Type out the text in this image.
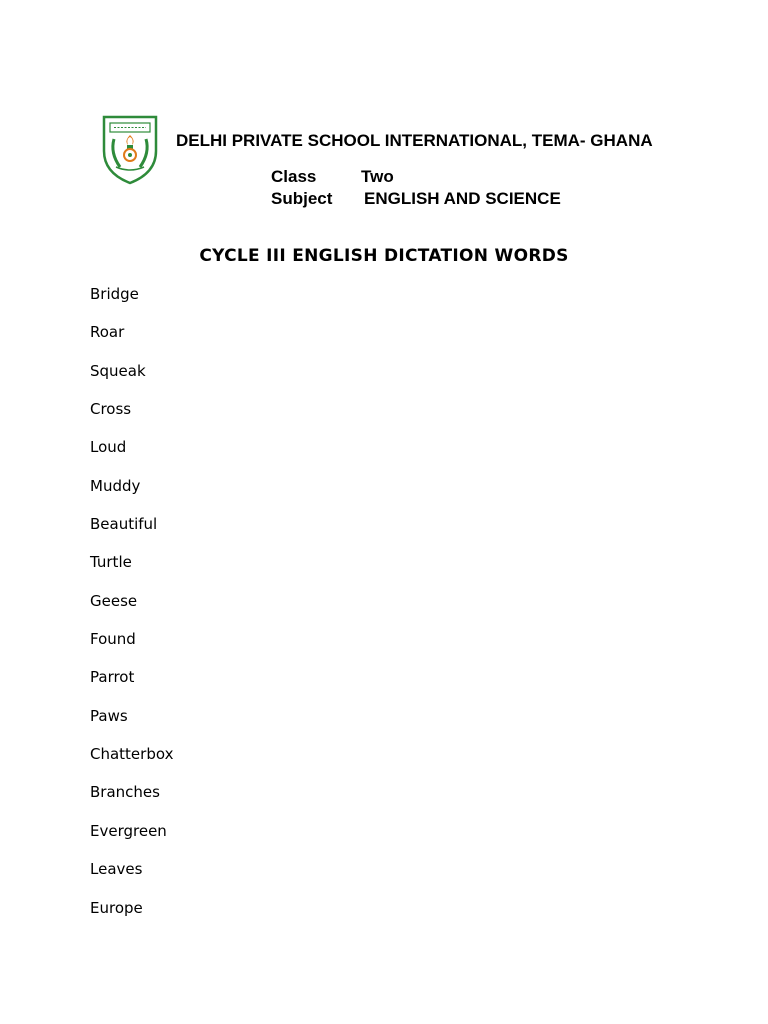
DELHI PRIVATE SCHOOL INTERNATIONAL, TEMA- GHANA
Class	Two
Subject ENGLISH AND SCIENCE
CYCLE III ENGLISH DICTATION WORDS
Bridge
Roar
Squeak
Cross
Loud
Muddy
Beautiful
Turtle
Geese
Found
Parrot
Paws
Chatterbox
Branches
Evergreen
Leaves
Europe
